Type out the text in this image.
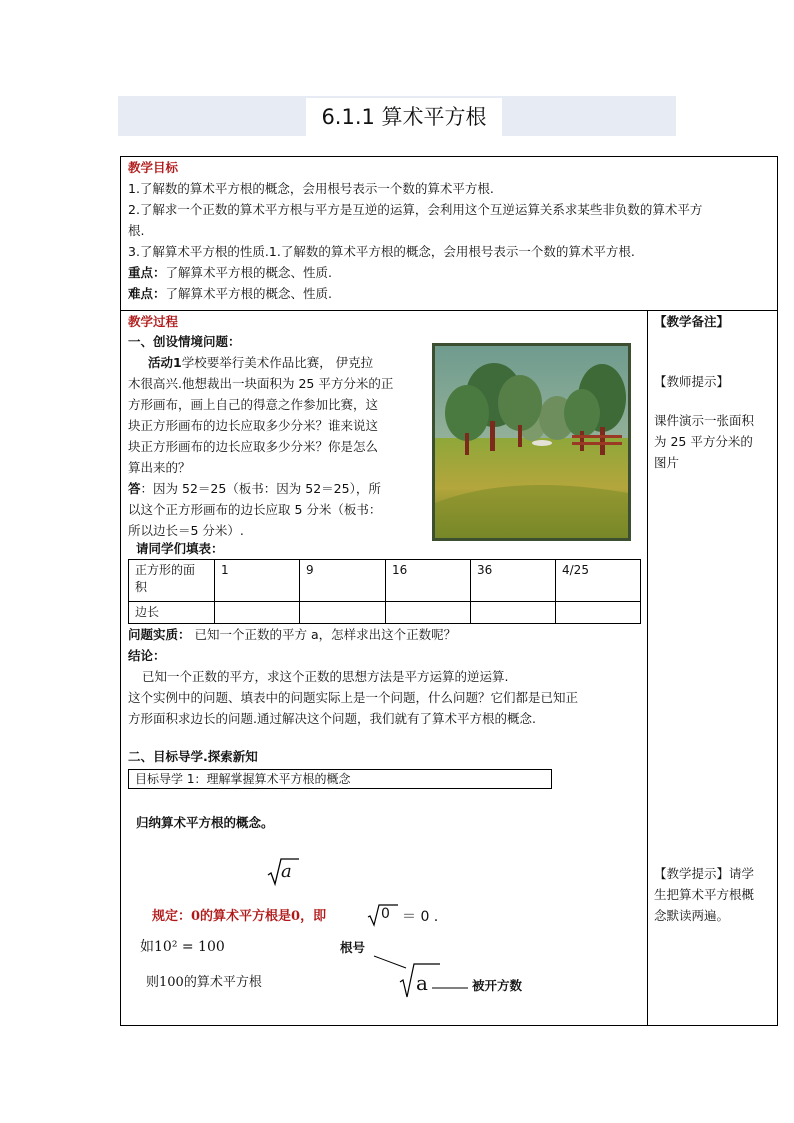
6.1.1 算术平方根
教学目标
1.了解数的算术平方根的概念，会用根号表示一个数的算术平方根.
2.了解求一个正数的算术平方根与平方是互逆的运算，会利用这个互逆运算关系求某些非负数的算术平方
根.
3.了解算术平方根的性质.1.了解数的算术平方根的概念，会用根号表示一个数的算术平方根.
重点：了解算术平方根的概念、性质.
难点：了解算术平方根的概念、性质.
教学过程
一、创设情境问题：
活动1学校要举行美术作品比赛， 伊克拉
木很高兴.他想裁出一块面积为 25 平方分米的正
方形画布，画上自己的得意之作参加比赛，这
块正方形画布的边长应取多少分米？谁来说这
块正方形画布的边长应取多少分米？你是怎么
算出来的？
答：因为 52＝25（板书：因为 52＝25），所
以这个正方形画布的边长应取 5 分米（板书：
所以边长＝5 分米）.
请同学们填表：
正方形的面
积	1	9	16	36	4/25
边长					
问题实质： 已知一个正数的平方 a，怎样求出这个正数呢？
结论：
已知一个正数的平方，求这个正数的思想方法是平方运算的逆运算.
这个实例中的问题、填表中的问题实际上是一个问题，什么问题？它们都是已知正
方形面积求边长的问题.通过解决这个问题，我们就有了算术平方根的概念.
二、目标导学.探索新知
目标导学 1：理解掌握算术平方根的概念
归纳算术平方根的概念。
a
规定：0的算术平方根是0，即	0 ＝ 0 .
如10² = 100
则100的算术平方根
根号
a	被开方数
【教学备注】
【教师提示】
课件演示一张面积
为 25 平方分米的
图片
【教学提示】请学
生把算术平方根概
念默读两遍。
